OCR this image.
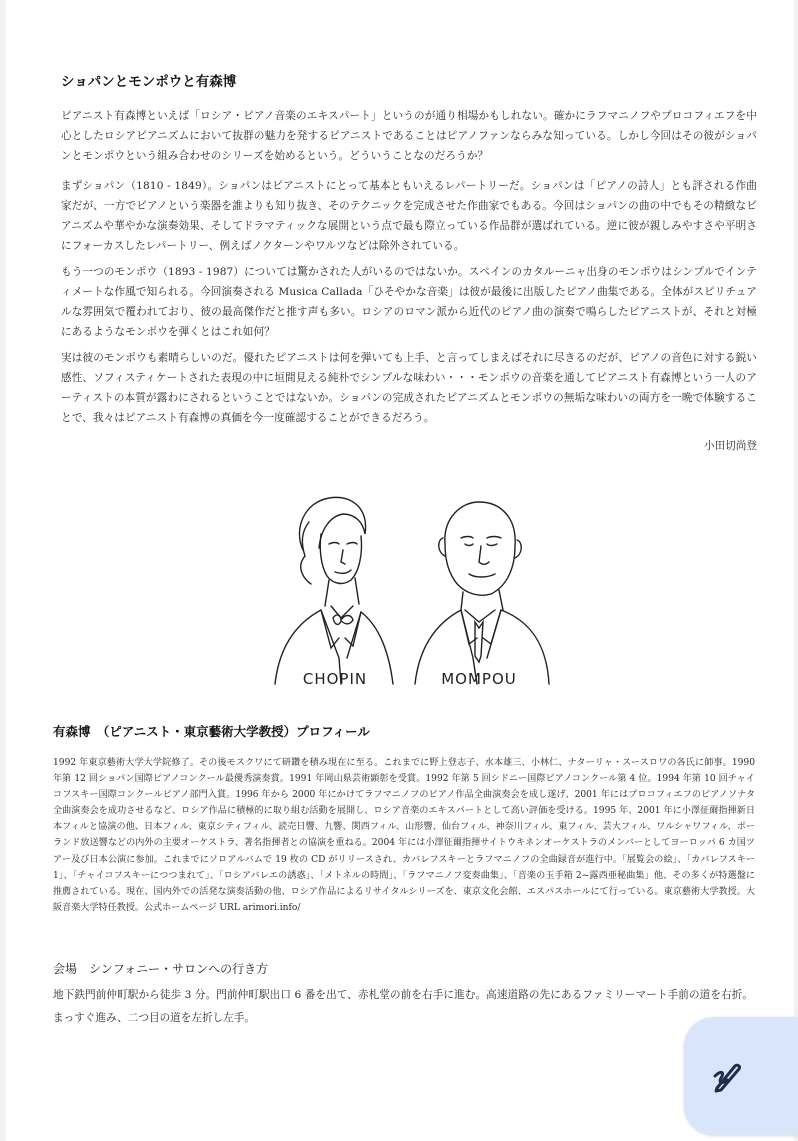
ショパンとモンポウと有森博

ピアニスト有森博といえば「ロシア・ピアノ音楽のエキスパート」というのが通り相場かもしれない。確かにラフマニノフやプロコフィエフを中心としたロシアピアニズムにおいて抜群の魅力を発するピアニストであることはピアノファンならみな知っている。しかし今回はその彼がショパンとモンポウという組み合わせのシリーズを始めるという。どういうことなのだろうか？

まずショパン（1810 - 1849）。ショパンはピアニストにとって基本ともいえるレパートリーだ。ショパンは「ピアノの詩人」とも評される作曲家だが、一方でピアノという楽器を誰よりも知り抜き、そのテクニックを完成させた作曲家でもある。今回はショパンの曲の中でもその精緻なピアニズムや華やかな演奏効果、そしてドラマティックな展開という点で最も際立っている作品群が選ばれている。逆に彼が親しみやすさや平明さにフォーカスしたレパートリー、例えばノクターンやワルツなどは除外されている。

もう一つのモンポウ（1893 - 1987）については驚かされた人がいるのではないか。スペインのカタルーニャ出身のモンポウはシンプルでインティメートな作風で知られる。今回演奏される Musica Callada「ひそやかな音楽」は彼が最後に出版したピアノ曲集である。全体がスピリチュアルな雰囲気で覆われており、彼の最高傑作だと推す声も多い。ロシアのロマン派から近代のピアノ曲の演奏で鳴らしたピアニストが、それと対極にあるようなモンポウを弾くとはこれ如何？

実は彼のモンポウも素晴らしいのだ。優れたピアニストは何を弾いても上手、と言ってしまえばそれに尽きるのだが、ピアノの音色に対する鋭い感性、ソフィスティケートされた表現の中に垣間見える純朴でシンプルな味わい・・・モンポウの音楽を通してピアニスト有森博という一人のアーティストの本質が露わにされるということではないか。ショパンの完成されたピアニズムとモンポウの無垢な味わいの両方を一晩で体験することで、我々はピアニスト有森博の真価を今一度確認することができるだろう。

小田切尚登
CHOPIN	MOMPOU
有森博　（ピアニスト・東京藝術大学教授）プロフィール

1992 年東京藝術大学大学院修了。その後モスクワにて研鑽を積み現在に至る。これまでに野上登志子、水本雄三、小林仁、ナターリャ・スースロワの各氏に師事。1990 年第 12 回ショパン国際ピアノコンクール最優秀演奏賞。1991 年岡山県芸術顕彰を受賞。1992 年第 5 回シドニー国際ピアノコンクール第 4 位。1994 年第 10 回チャイコフスキー国際コンクールピアノ部門入賞。1996 年から 2000 年にかけてラフマニノフのピアノ作品全曲演奏会を成し遂げ、2001 年にはプロコフィエフのピアノソナタ全曲演奏会を成功させるなど、ロシア作品に積極的に取り組む活動を展開し、ロシア音楽のエキスパートとして高い評価を受ける。1995 年、2001 年に小澤征爾指揮新日本フィルと協演の他、日本フィル、東京シティフィル、読売日響、九響、関西フィル、山形響、仙台フィル、神奈川フィル、東フィル、芸大フィル、ワルシャワフィル、ポーランド放送響などの内外の主要オーケストラ、著名指揮者との協演を重ねる。2004 年には小澤征爾指揮サイトウキネンオーケストラのメンバーとしてヨーロッパ 6 カ国ツアー及び日本公演に参加。これまでにソロアルバムで 19 枚の CD がリリースされ、カバレフスキーとラフマニノフの全曲録音が進行中。「展覧会の絵」、「カバレフスキー1」、「チャイコフスキーにつつまれて」、「ロシアバレエの誘惑」、「メトネルの時間」、「ラフマニノフ変奏曲集」、「音楽の玉手箱 2~露西亜秘曲集」他、その多くが特選盤に推薦されている。現在、国内外での活発な演奏活動の他、ロシア作品によるリサイタルシリーズを、東京文化会館、エスパスホールにて行っている。東京藝術大学教授。大阪音楽大学特任教授。公式ホームページ URL arimori.info/

会場　シンフォニー・サロンへの行き方

地下鉄門前仲町駅から徒歩 3 分。門前仲町駅出口 6 番を出て、赤札堂の前を右手に進む。高速道路の先にあるファミリーマート手前の道を右折。まっすぐ進み、二つ目の道を左折し左手。
